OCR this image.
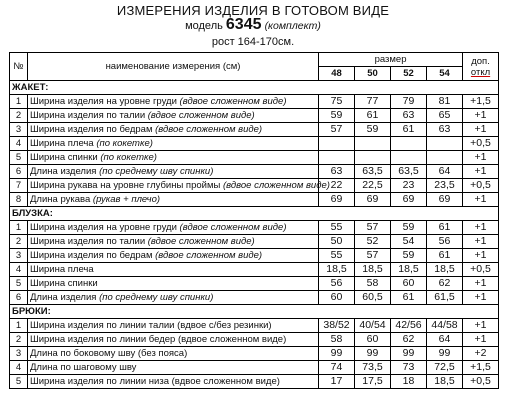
ИЗМЕРЕНИЯ ИЗДЕЛИЯ В ГОТОВОМ ВИДЕ
модель 6345 (комплект)
рост 164-170см.
№	наименование измерения (см)	размер				доп.
откл

		48	50	52	54	
ЖАКЕТ:						
1	Ширина изделия на уровне груди (вдвое сложенном виде)	75	77	79	81	+1,5
2	Ширина изделия по талии (вдвое сложенном виде)	59	61	63	65	+1
3	Ширина изделия по бедрам (вдвое сложенном виде)	57	59	61	63	+1
4	Ширина плеча (по кокетке)					+0,5
5	Ширина спинки (по кокетке)					+1
6	Длина изделия (по среднему шву спинки)	63	63,5	63,5	64	+1
7	Ширина рукава на уровне глубины проймы (вдвое сложенном виде)	22	22,5	23	23,5	+0,5
8	Длина рукава (рукав + плечо)	69	69	69	69	+1
БЛУЗКА:						
1	Ширина изделия на уровне груди (вдвое сложенном виде)	55	57	59	61	+1
2	Ширина изделия по талии (вдвое сложенном виде)	50	52	54	56	+1
3	Ширина изделия по бедрам (вдвое сложенном виде)	55	57	59	61	+1
4	Ширина плеча	18,5	18,5	18,5	18,5	+0,5
5	Ширина спинки	56	58	60	62	+1
6	Длина изделия (по среднему шву спинки)	60	60,5	61	61,5	+1
БРЮКИ:						
1	Ширина изделия по линии талии (вдвое с/без резинки)	38/52	40/54	42/56	44/58	+1
2	Ширина изделия по линии бедер (вдвое сложенном виде)	58	60	62	64	+1
3	Длина по боковому шву (без пояса)	99	99	99	99	+2
4	Длина по шаговому шву	74	73,5	73	72,5	+1,5
5	Ширина изделия по линии низа (вдвое сложенном виде)	17	17,5	18	18,5	+0,5
